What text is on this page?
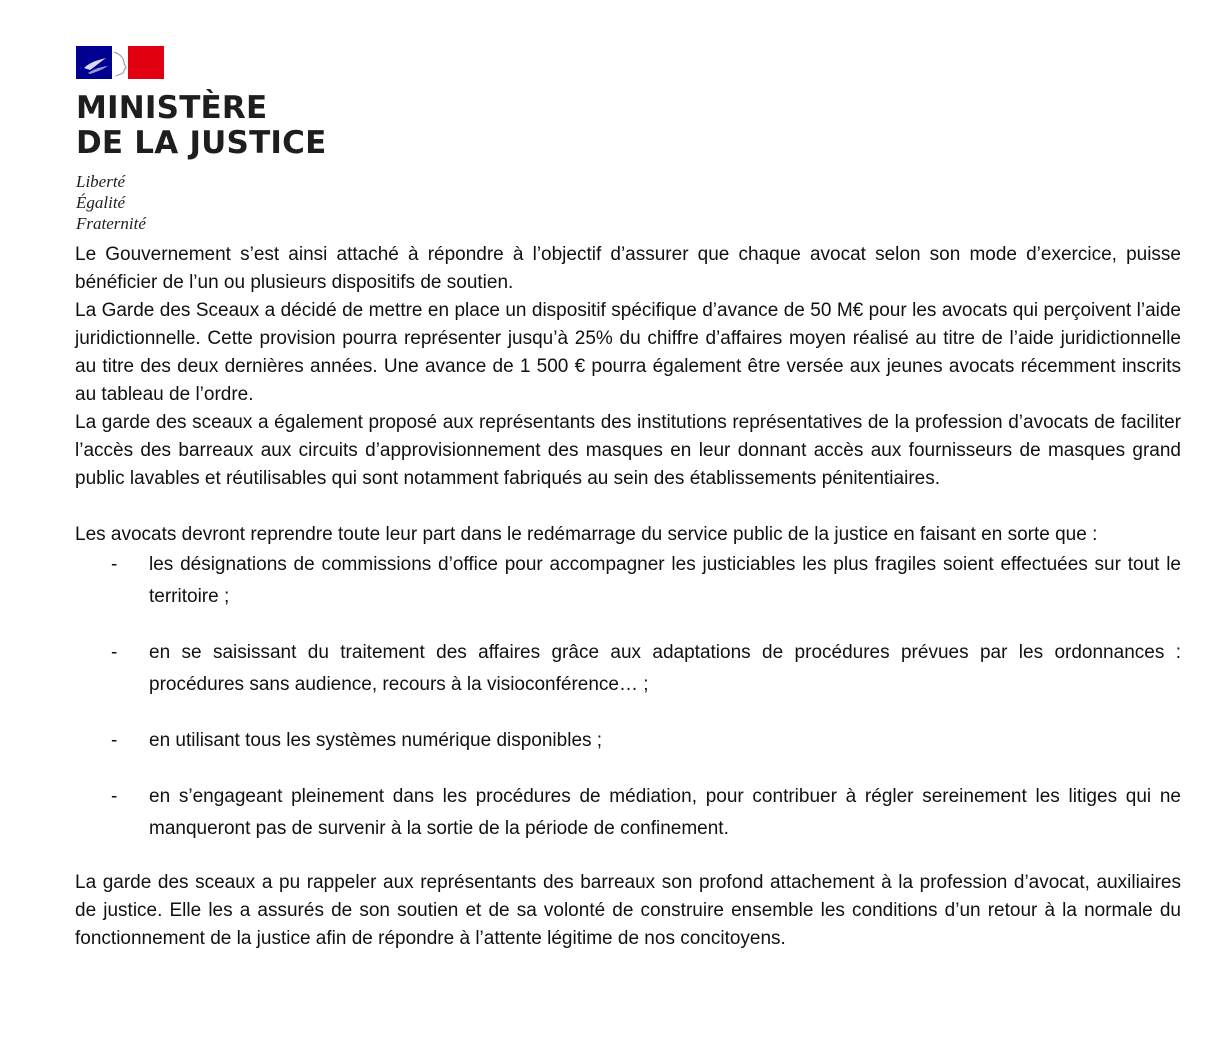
MINISTÈRE
DE LA JUSTICE
Liberté
Égalité
Fraternité

Le Gouvernement s’est ainsi attaché à répondre à l’objectif d’assurer que chaque avocat selon son mode d’exercice, puisse bénéficier de l’un ou plusieurs dispositifs de soutien.

La Garde des Sceaux a décidé de mettre en place un dispositif spécifique d’avance de 50 M€ pour les avocats qui perçoivent l’aide juridictionnelle. Cette provision pourra représenter jusqu’à 25% du chiffre d’affaires moyen réalisé au titre de l’aide juridictionnelle au titre des deux dernières années. Une avance de 1 500 € pourra également être versée aux jeunes avocats récemment inscrits au tableau de l’ordre.

La garde des sceaux a également proposé aux représentants des institutions représentatives de la profession d’avocats de faciliter l’accès des barreaux aux circuits d’approvisionnement des masques en leur donnant accès aux fournisseurs de masques grand public lavables et réutilisables qui sont notamment fabriqués au sein des établissements pénitentiaires.

Les avocats devront reprendre toute leur part dans le redémarrage du service public de la justice en faisant en sorte que :

- les désignations de commissions d’office pour accompagner les justiciables les plus fragiles soient effectuées sur tout le territoire ;
- en se saisissant du traitement des affaires grâce aux adaptations de procédures prévues par les ordonnances : procédures sans audience, recours à la visioconférence… ;
- en utilisant tous les systèmes numérique disponibles ;
- en s’engageant pleinement dans les procédures de médiation, pour contribuer à régler sereinement les litiges qui ne manqueront pas de survenir à la sortie de la période de confinement.

La garde des sceaux a pu rappeler aux représentants des barreaux son profond attachement à la profession d’avocat, auxiliaires de justice. Elle les a assurés de son soutien et de sa volonté de construire ensemble les conditions d’un retour à la normale du fonctionnement de la justice afin de répondre à l’attente légitime de nos concitoyens.
